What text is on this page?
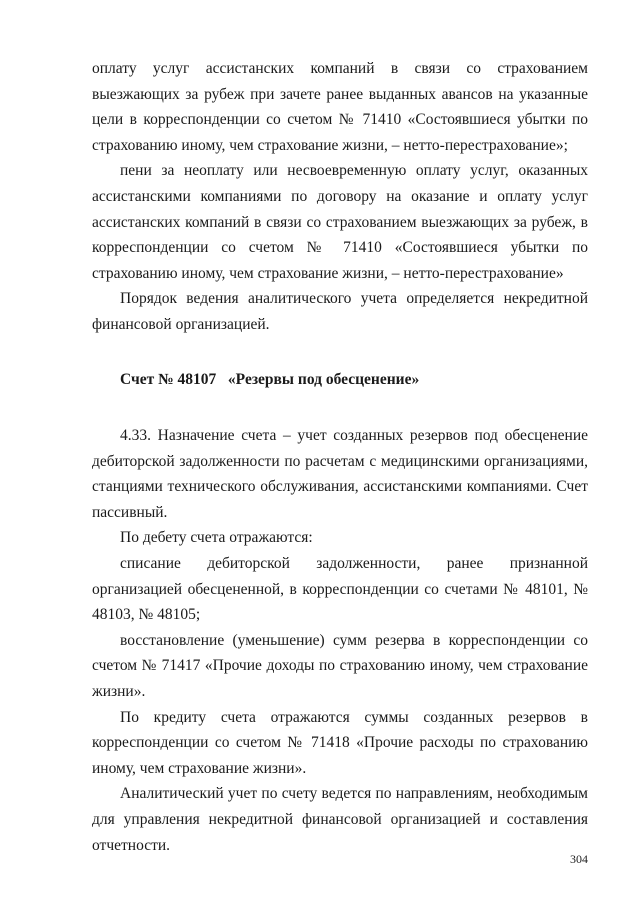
оплату услуг ассистанских компаний в связи со страхованием выезжающих за рубеж при зачете ранее выданных авансов на указанные цели в корреспонденции со счетом № 71410 «Состоявшиеся убытки по страхованию иному, чем страхование жизни, – нетто-перестрахование»;

пени за неоплату или несвоевременную оплату услуг, оказанных ассистанскими компаниями по договору на оказание и оплату услуг ассистанских компаний в связи со страхованием выезжающих за рубеж, в корреспонденции со счетом № 71410 «Состоявшиеся убытки по страхованию иному, чем страхование жизни, – нетто-перестрахование»

Порядок ведения аналитического учета определяется некредитной финансовой организацией.

Счет № 48107   «Резервы под обесценение»

4.33. Назначение счета – учет созданных резервов под обесценение дебиторской задолженности по расчетам с медицинскими организациями, станциями технического обслуживания, ассистанскими компаниями. Счет пассивный.

По дебету счета отражаются:

списание дебиторской задолженности, ранее признанной организацией обесцененной, в корреспонденции со счетами № 48101, № 48103, № 48105;

восстановление (уменьшение) сумм резерва в корреспонденции со счетом № 71417 «Прочие доходы по страхованию иному, чем страхование жизни».

По кредиту счета отражаются суммы созданных резервов в корреспонденции со счетом № 71418 «Прочие расходы по страхованию иному, чем страхование жизни».

Аналитический учет по счету ведется по направлениям, необходимым для управления некредитной финансовой организацией и составления отчетности.

304
